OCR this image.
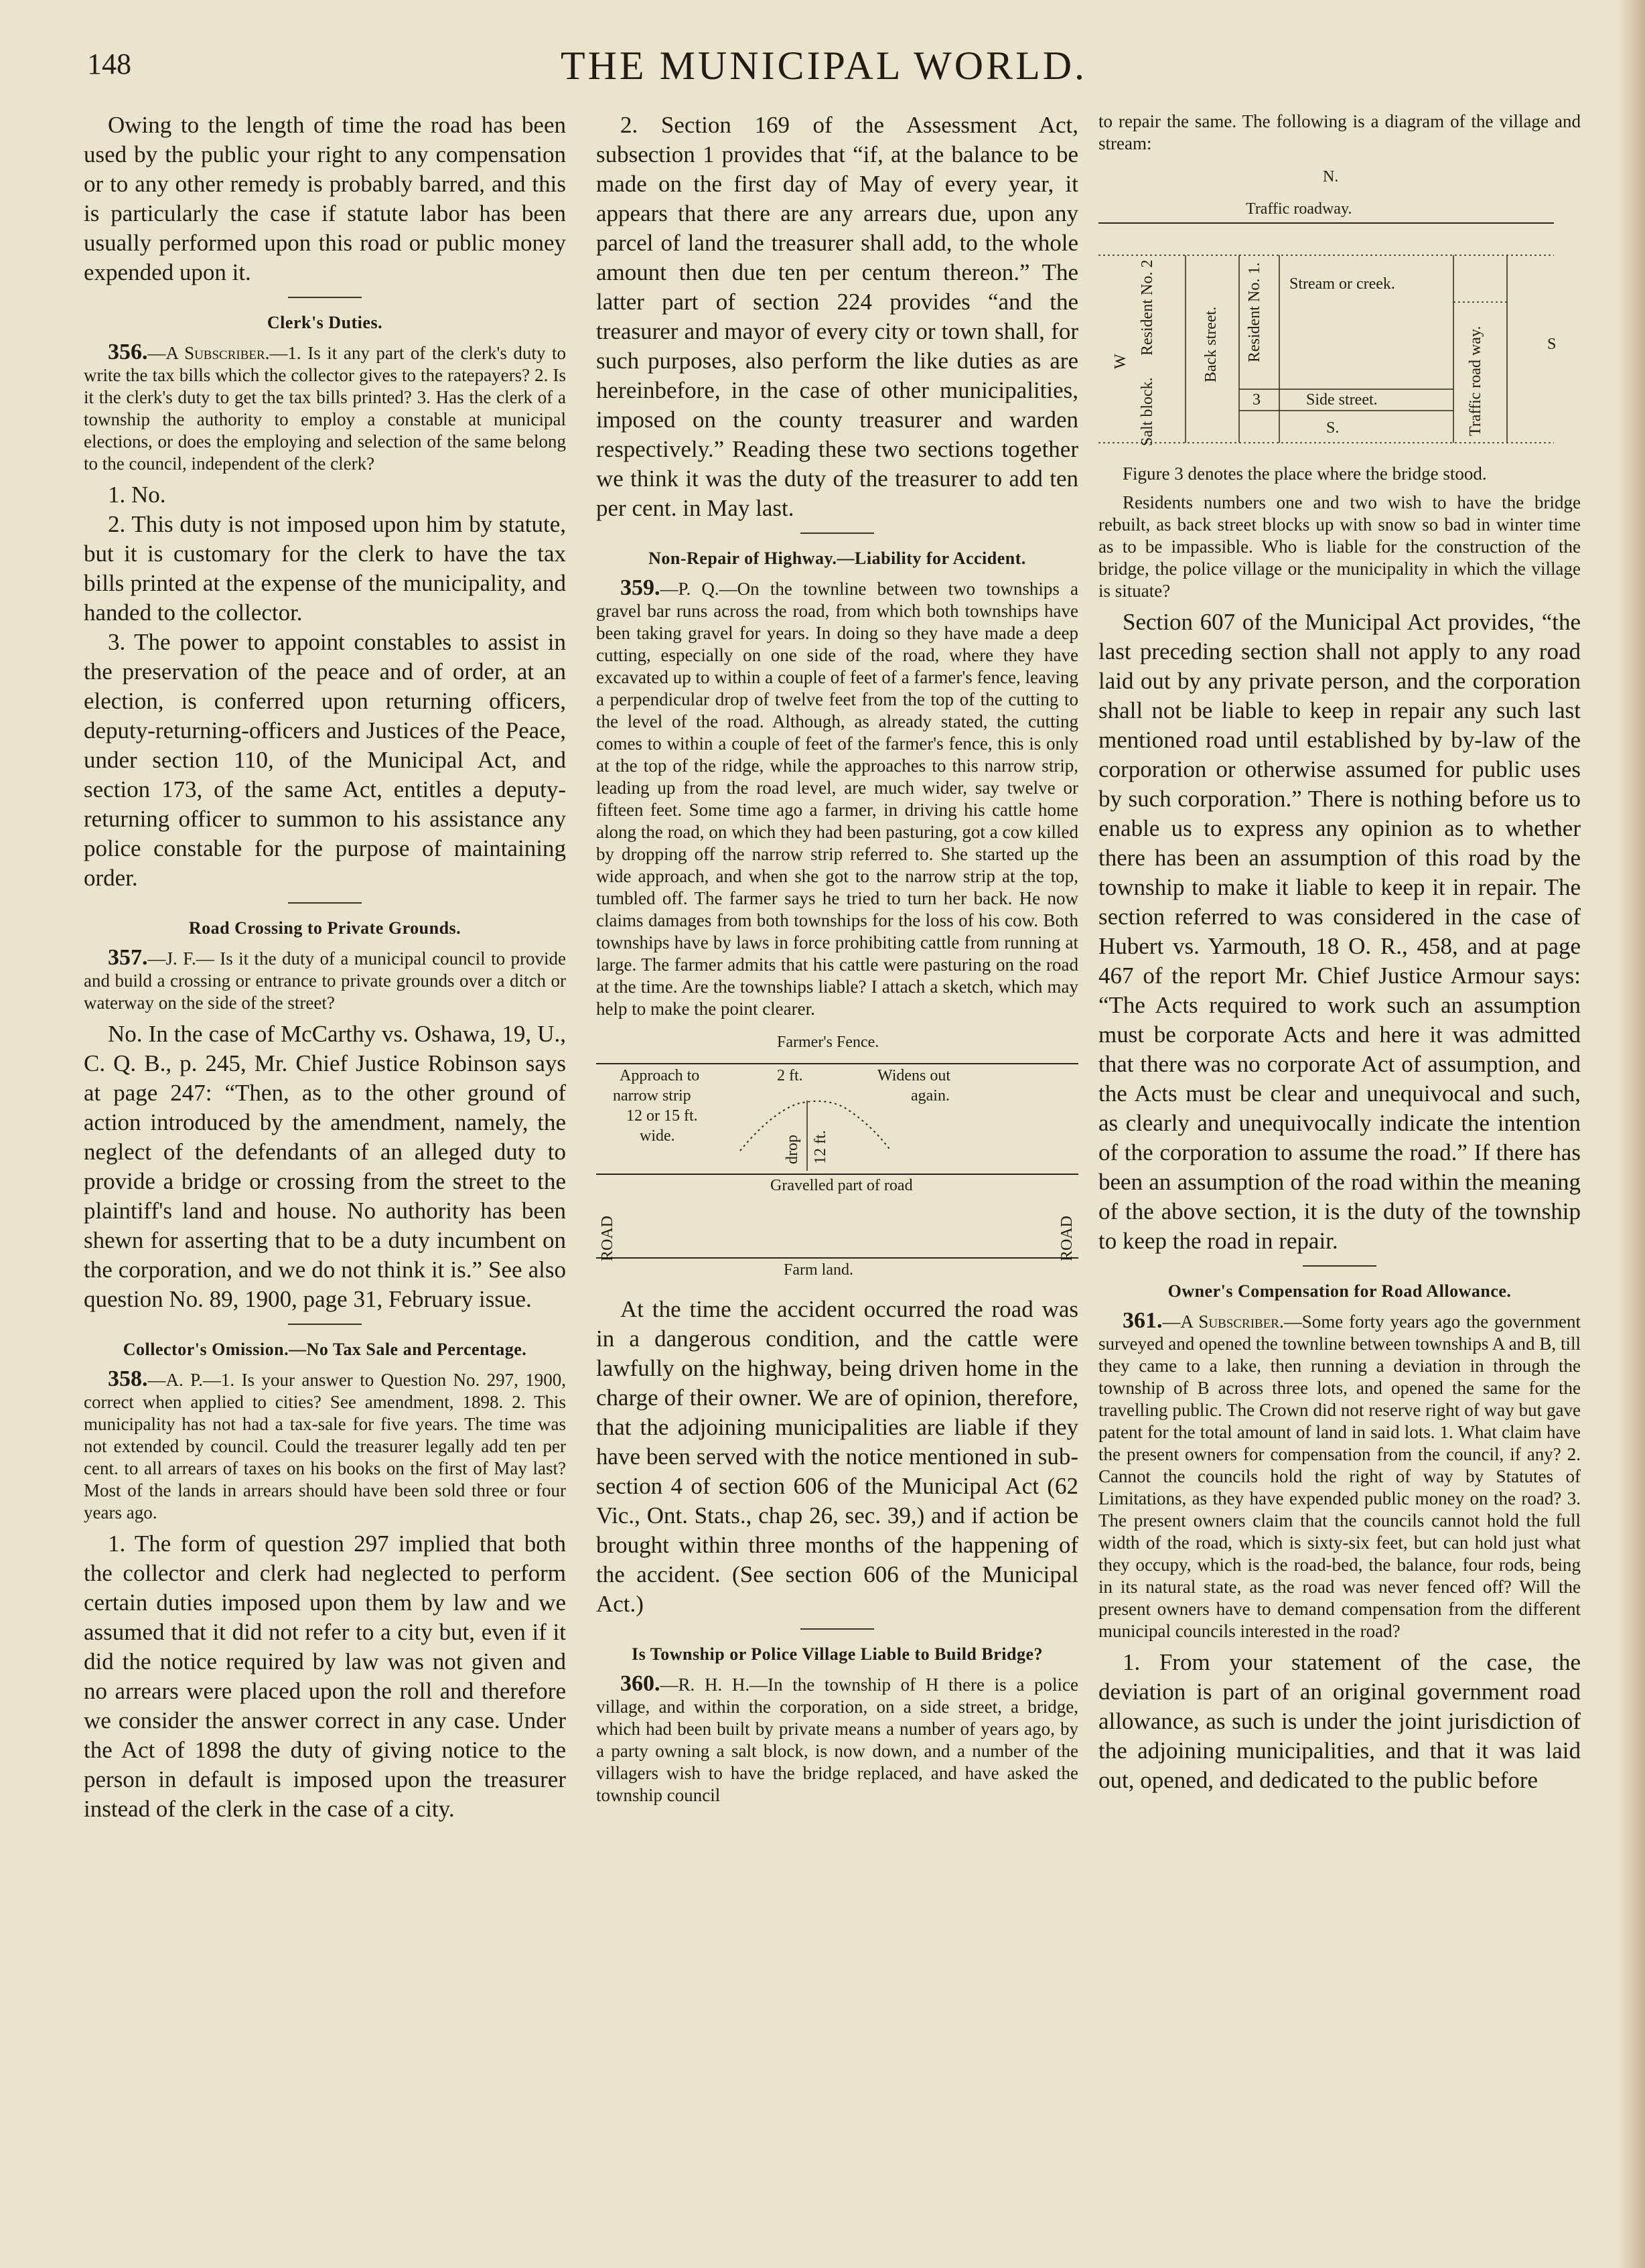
148	THE MUNICIPAL WORLD.

Owing to the length of time the road has been used by the public your right to any compensation or to any other remedy is probably barred, and this is particularly the case if statute labor has been usually performed upon this road or public money expended upon it.

Clerk's Duties.

356.—A Subscriber.—1. Is it any part of the clerk's duty to write the tax bills which the collector gives to the ratepayers? 2. Is it the clerk's duty to get the tax bills printed? 3. Has the clerk of a township the authority to employ a constable at municipal elections, or does the employing and selection of the same belong to the council, independent of the clerk?

1. No.

2. This duty is not imposed upon him by statute, but it is customary for the clerk to have the tax bills printed at the expense of the municipality, and handed to the collector.

3. The power to appoint constables to assist in the preservation of the peace and of order, at an election, is conferred upon returning officers, deputy-returning-officers and Justices of the Peace, under section 110, of the Municipal Act, and section 173, of the same Act, entitles a deputy-returning officer to summon to his assistance any police constable for the purpose of maintaining order.

Road Crossing to Private Grounds.

357.—J. F.— Is it the duty of a municipal council to provide and build a crossing or entrance to private grounds over a ditch or waterway on the side of the street?

No. In the case of McCarthy vs. Oshawa, 19, U., C. Q. B., p. 245, Mr. Chief Justice Robinson says at page 247: “Then, as to the other ground of action introduced by the amendment, namely, the neglect of the defendants of an alleged duty to provide a bridge or crossing from the street to the plaintiff's land and house. No authority has been shewn for asserting that to be a duty incumbent on the corporation, and we do not think it is.” See also question No. 89, 1900, page 31, February issue.

Collector's Omission.—No Tax Sale and Percentage.

358.—A. P.—1. Is your answer to Question No. 297, 1900, correct when applied to cities? See amendment, 1898. 2. This municipality has not had a tax-sale for five years. The time was not extended by council. Could the treasurer legally add ten per cent. to all arrears of taxes on his books on the first of May last? Most of the lands in arrears should have been sold three or four years ago.

1. The form of question 297 implied that both the collector and clerk had neglected to perform certain duties imposed upon them by law and we assumed that it did not refer to a city but, even if it did the notice required by law was not given and no arrears were placed upon the roll and therefore we consider the answer correct in any case. Under the Act of 1898 the duty of giving notice to the person in default is imposed upon the treasurer instead of the clerk in the case of a city.

2. Section 169 of the Assessment Act, subsection 1 provides that “if, at the balance to be made on the first day of May of every year, it appears that there are any arrears due, upon any parcel of land the treasurer shall add, to the whole amount then due ten per centum thereon.” The latter part of section 224 provides “and the treasurer and mayor of every city or town shall, for such purposes, also perform the like duties as are hereinbefore, in the case of other municipalities, imposed on the county treasurer and warden respectively.” Reading these two sections together we think it was the duty of the treasurer to add ten per cent. in May last.

Non-Repair of Highway.—Liability for Accident.

359.—P. Q.—On the townline between two townships a gravel bar runs across the road, from which both townships have been taking gravel for years. In doing so they have made a deep cutting, especially on one side of the road, where they have excavated up to within a couple of feet of a farmer's fence, leaving a perpendicular drop of twelve feet from the top of the cutting to the level of the road. Although, as already stated, the cutting comes to within a couple of feet of the farmer's fence, this is only at the top of the ridge, while the approaches to this narrow strip, leading up from the road level, are much wider, say twelve or fifteen feet. Some time ago a farmer, in driving his cattle home along the road, on which they had been pasturing, got a cow killed by dropping off the narrow strip referred to. She started up the wide approach, and when she got to the narrow strip at the top, tumbled off. The farmer says he tried to turn her back. He now claims damages from both townships for the loss of his cow. Both townships have by laws in force prohibiting cattle from running at large. The farmer admits that his cattle were pasturing on the road at the time. Are the townships liable? I attach a sketch, which may help to make the point clearer.

Farmer's Fence.
Approach to
narrow strip
12 or 15 ft.
wide.
2 ft.	Widens out
again.
drop 12 ft.
ROAD	ROAD
Gravelled part of road
Farm land.

At the time the accident occurred the road was in a dangerous condition, and the cattle were lawfully on the highway, being driven home in the charge of their owner. We are of opinion, therefore, that the adjoining municipalities are liable if they have been served with the notice mentioned in sub-section 4 of section 606 of the Municipal Act (62 Vic., Ont. Stats., chap 26, sec. 39,) and if action be brought within three months of the happening of the accident. (See section 606 of the Municipal Act.)

Is Township or Police Village Liable to Build Bridge?

360.—R. H. H.—In the township of H there is a police village, and within the corporation, on a side street, a bridge, which had been built by private means a number of years ago, by a party owning a salt block, is now down, and a number of the villagers wish to have the bridge replaced, and have asked the township council

to repair the same. The following is a diagram of the village and stream:

N.
Traffic roadway.
W
Resident No. 2
Salt block.
Back street. Resident No. 1. Stream or creek.
3	Side street.
S.	Traffic road way.	S

Figure 3 denotes the place where the bridge stood.

Residents numbers one and two wish to have the bridge rebuilt, as back street blocks up with snow so bad in winter time as to be impassible. Who is liable for the construction of the bridge, the police village or the municipality in which the village is situate?

Section 607 of the Municipal Act provides, “the last preceding section shall not apply to any road laid out by any private person, and the corporation shall not be liable to keep in repair any such last mentioned road until established by by-law of the corporation or otherwise assumed for public uses by such corporation.” There is nothing before us to enable us to express any opinion as to whether there has been an assumption of this road by the township to make it liable to keep it in repair. The section referred to was considered in the case of Hubert vs. Yarmouth, 18 O. R., 458, and at page 467 of the report Mr. Chief Justice Armour says: “The Acts required to work such an assumption must be corporate Acts and here it was admitted that there was no corporate Act of assumption, and the Acts must be clear and unequivocal and such, as clearly and unequivocally indicate the intention of the corporation to assume the road.” If there has been an assumption of the road within the meaning of the above section, it is the duty of the township to keep the road in repair.

Owner's Compensation for Road Allowance.

361.—A Subscriber.—Some forty years ago the government surveyed and opened the townline between townships A and B, till they came to a lake, then running a deviation in through the township of B across three lots, and opened the same for the travelling public. The Crown did not reserve right of way but gave patent for the total amount of land in said lots. 1. What claim have the present owners for compensation from the council, if any? 2. Cannot the councils hold the right of way by Statutes of Limitations, as they have expended public money on the road? 3. The present owners claim that the councils cannot hold the full width of the road, which is sixty-six feet, but can hold just what they occupy, which is the road-bed, the balance, four rods, being in its natural state, as the road was never fenced off? Will the present owners have to demand compensation from the different municipal councils interested in the road?

1. From your statement of the case, the deviation is part of an original government road allowance, as such is under the joint jurisdiction of the adjoining municipalities, and that it was laid out, opened, and dedicated to the public before
